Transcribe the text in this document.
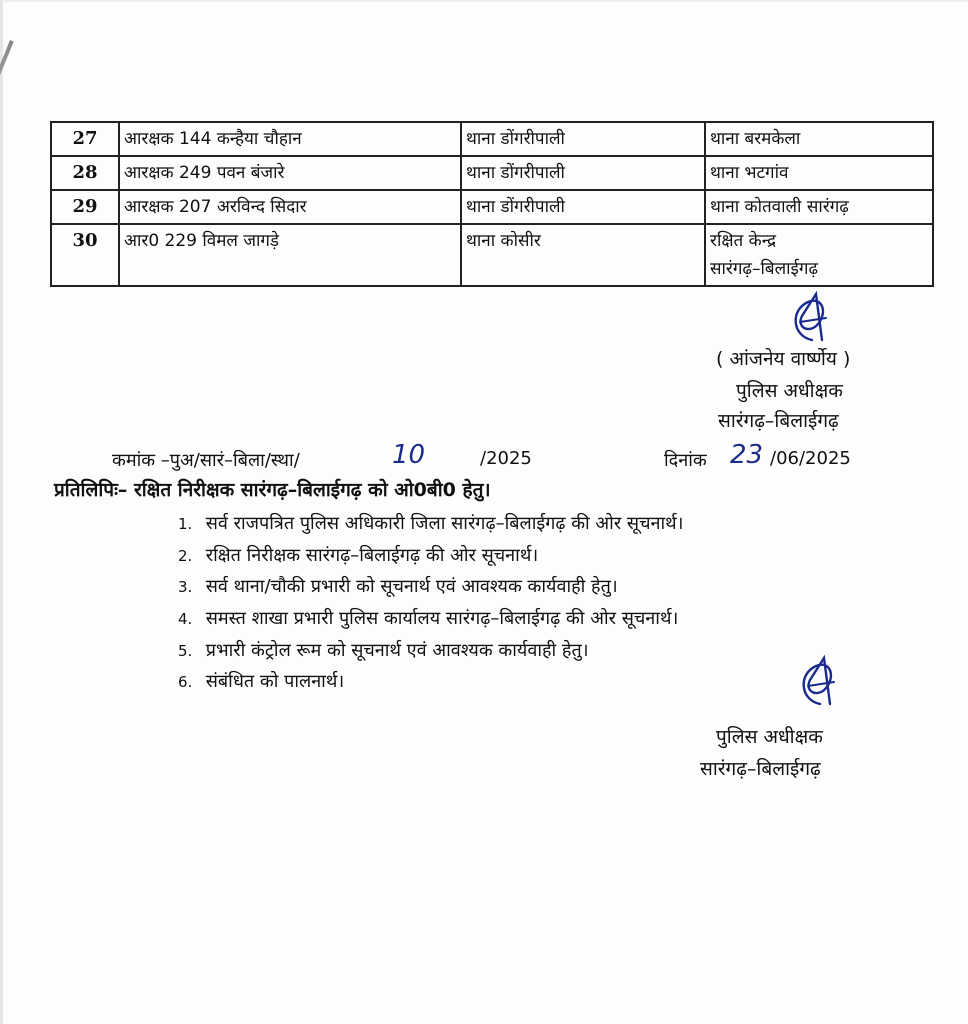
27	आरक्षक 144 कन्हैया चौहान	थाना डोंगरीपाली	थाना बरमकेला

28	आरक्षक 249 पवन बंजारे	थाना डोंगरीपाली	थाना भटगांव

29	आरक्षक 207 अरविन्द सिदार	थाना डोंगरीपाली	थाना कोतवाली सारंगढ़

30	आर0 229 विमल जागड़े	थाना कोसीर	रक्षित केन्द्र
सारंगढ़–बिलाईगढ़
( आंजनेय वार्ष्णेय )
पुलिस अधीक्षक
सारंगढ़–बिलाईगढ़
कमांक –पुअ/सारं–बिला/स्था/	10	/2025	दिनांक 23 /06/2025
प्रतिलिपिः– रक्षित निरीक्षक सारंगढ़–बिलाईगढ़ को ओ0बी0 हेतु।
1. सर्व राजपत्रित पुलिस अधिकारी जिला सारंगढ़–बिलाईगढ़ की ओर सूचनार्थ।
2. रक्षित निरीक्षक सारंगढ़–बिलाईगढ़ की ओर सूचनार्थ।
3. सर्व थाना/चौकी प्रभारी को सूचनार्थ एवं आवश्यक कार्यवाही हेतु।
4. समस्त शाखा प्रभारी पुलिस कार्यालय सारंगढ़–बिलाईगढ़ की ओर सूचनार्थ।
5. प्रभारी कंट्रोल रूम को सूचनार्थ एवं आवश्यक कार्यवाही हेतु।
6. संबंधित को पालनार्थ।
पुलिस अधीक्षक
सारंगढ़–बिलाईगढ़
